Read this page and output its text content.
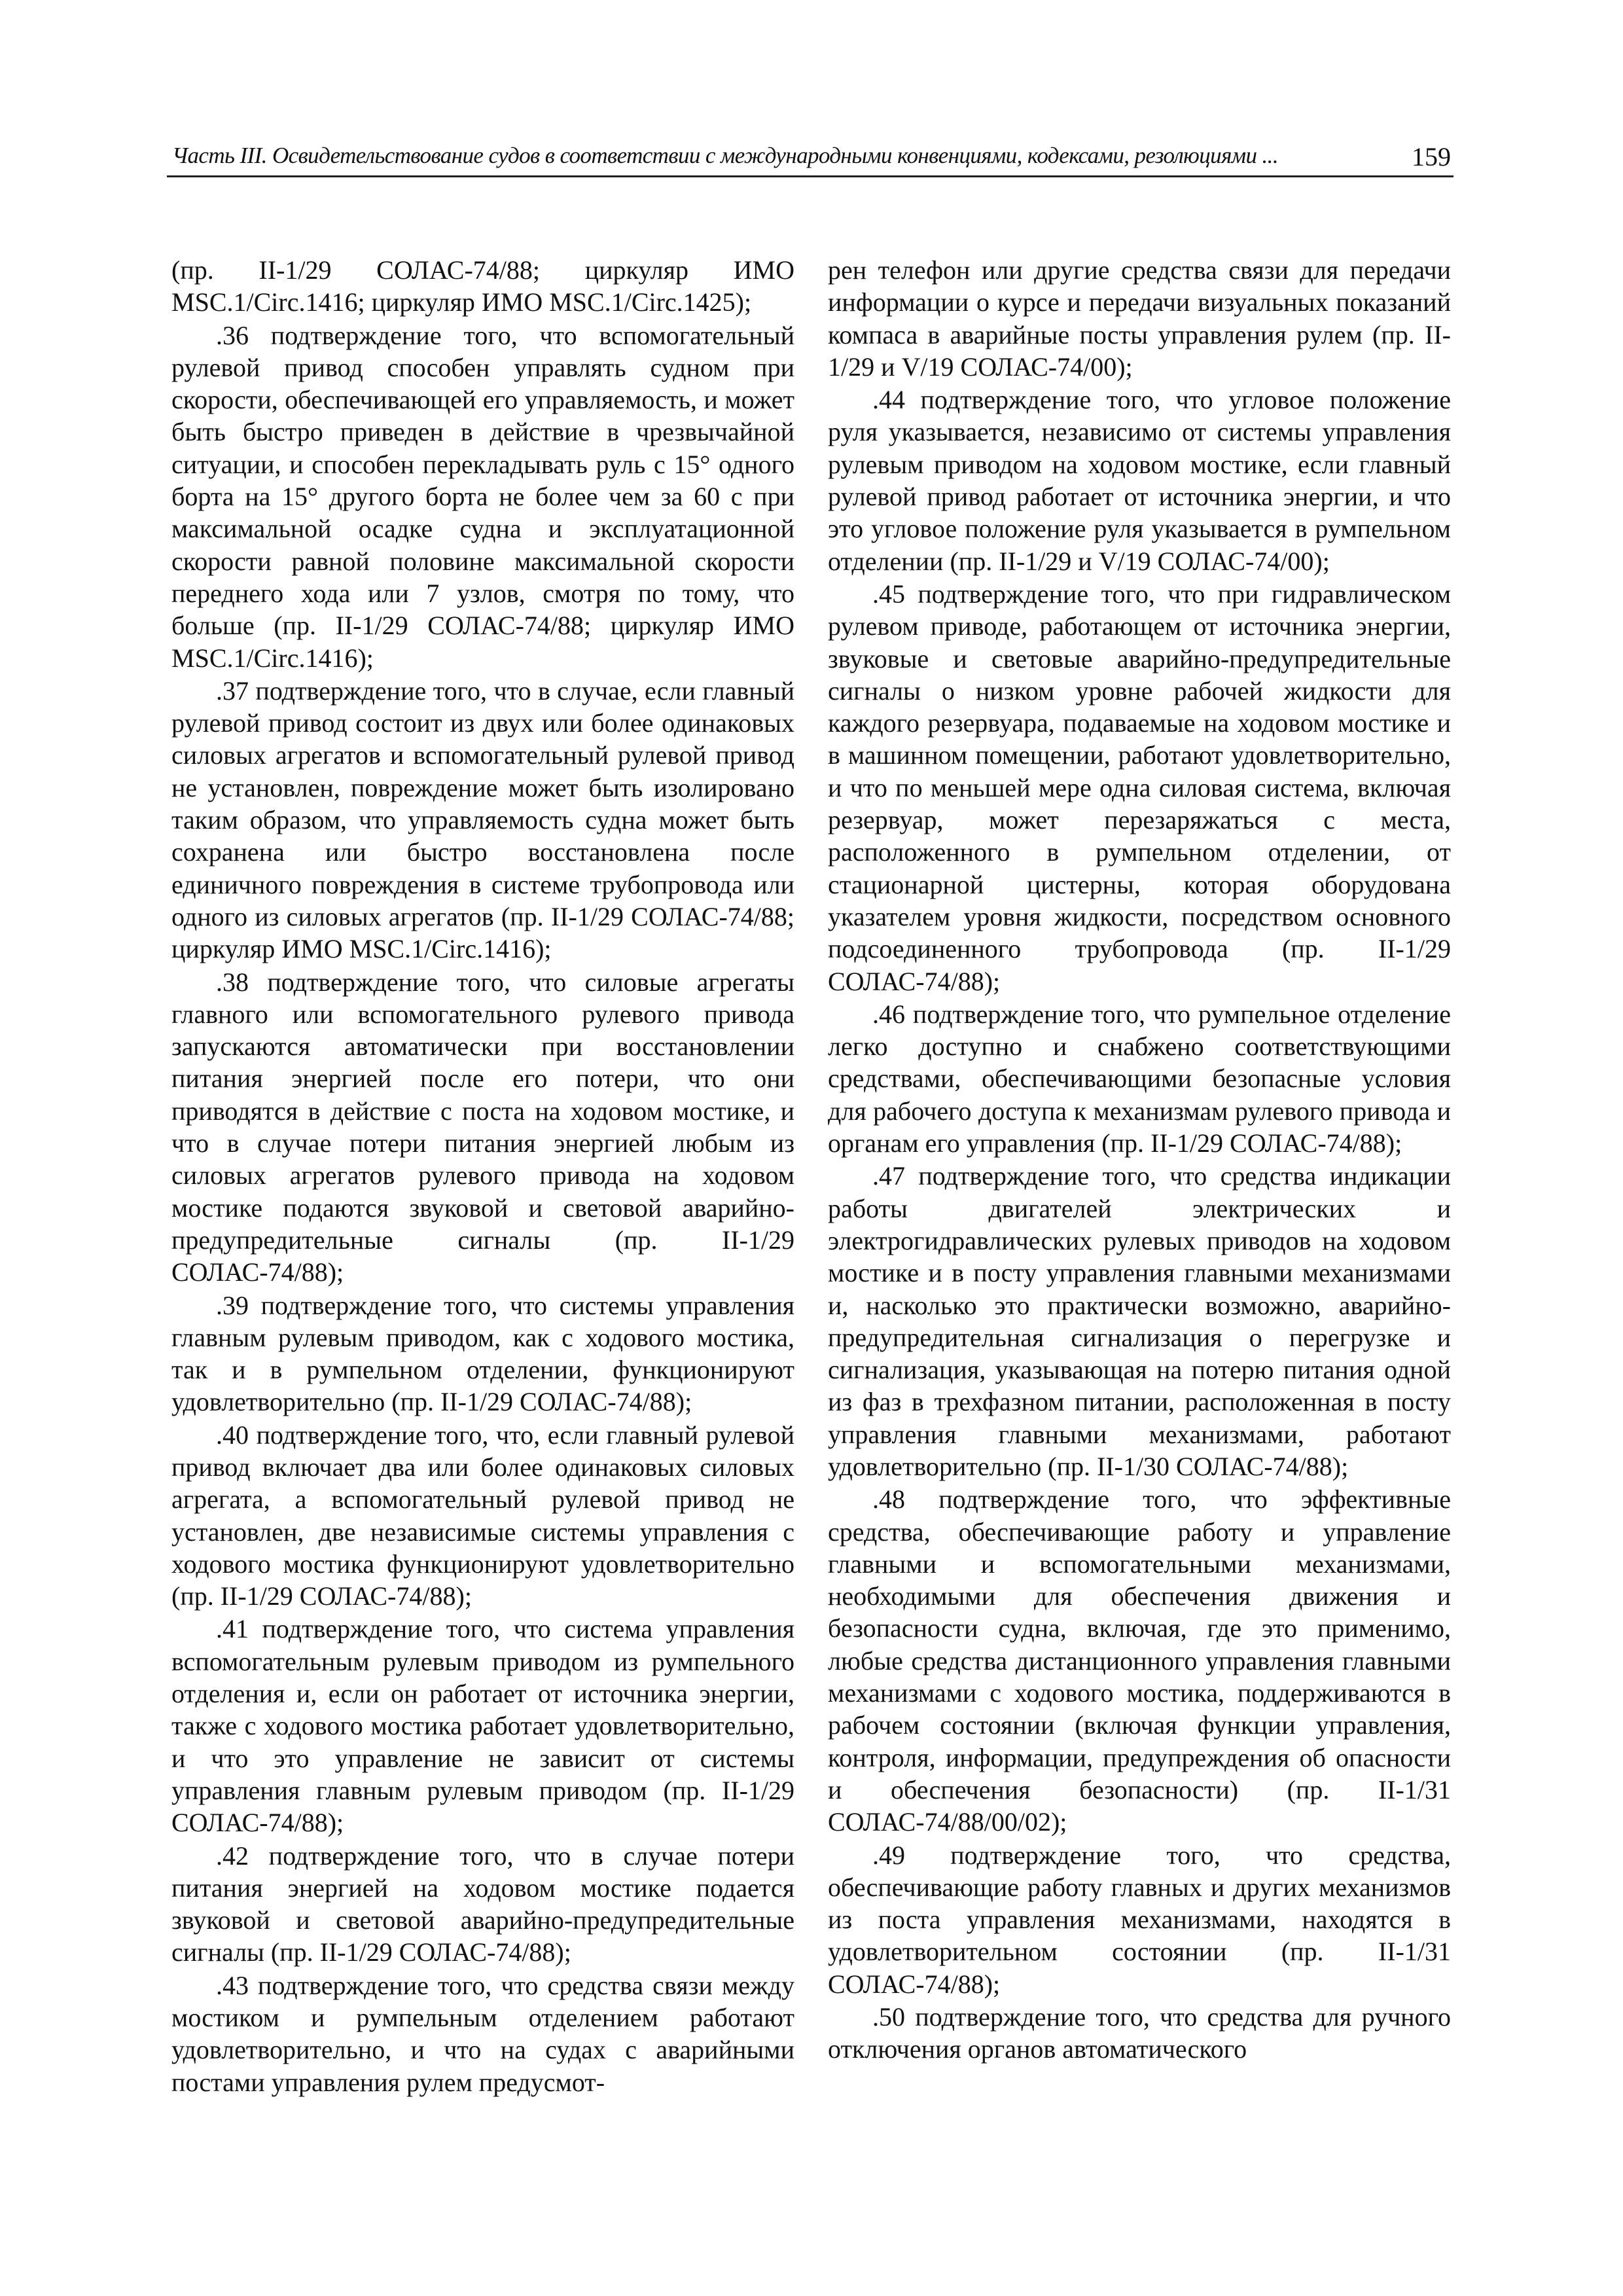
Часть III. Освидетельствование судов в соответствии с международными конвенциями, кодексами, резолюциями ...	159

(пр. II-1/29 СОЛАС-74/88; циркуляр ИМО MSC.1/Circ.1416; циркуляр ИМО MSC.1/Circ.1425);

.36 подтверждение того, что вспомогательный рулевой привод способен управлять судном при скорости, обеспечивающей его управляемость, и может быть быстро приведен в действие в чрезвычайной ситуации, и способен перекладывать руль с 15° одного борта на 15° другого борта не более чем за 60 с при максимальной осадке судна и эксплуатационной скорости равной половине максимальной скорости переднего хода или 7 узлов, смотря по тому, что больше (пр. II-1/29 СОЛАС-74/88; циркуляр ИМО MSC.1/Circ.1416);

.37 подтверждение того, что в случае, если главный рулевой привод состоит из двух или более одинаковых силовых агрегатов и вспомогательный рулевой привод не установлен, повреждение может быть изолировано таким образом, что управляемость судна может быть сохранена или быстро восстановлена после единичного повреждения в системе трубопровода или одного из силовых агрегатов (пр. II-1/29 СОЛАС-74/88; циркуляр ИМО MSC.1/Circ.1416);

.38 подтверждение того, что силовые агрегаты главного или вспомогательного рулевого привода запускаются автоматически при восстановлении питания энергией после его потери, что они приводятся в действие с поста на ходовом мостике, и что в случае потери питания энергией любым из силовых агрегатов рулевого привода на ходовом мостике подаются звуковой и световой аварийно-предупредительные сигналы (пр. II-1/29 СОЛАС-74/88);

.39 подтверждение того, что системы управления главным рулевым приводом, как с ходового мостика, так и в румпельном отделении, функционируют удовлетворительно (пр. II-1/29 СОЛАС-74/88);

.40 подтверждение того, что, если главный рулевой привод включает два или более одинаковых силовых агрегата, а вспомогательный рулевой привод не установлен, две независимые системы управления с ходового мостика функционируют удовлетворительно (пр. II-1/29 СОЛАС-74/88);

.41 подтверждение того, что система управления вспомогательным рулевым приводом из румпельного отделения и, если он работает от источника энергии, также с ходового мостика работает удовлетворительно, и что это управление не зависит от системы управления главным рулевым приводом (пр. II-1/29 СОЛАС-74/88);

.42 подтверждение того, что в случае потери питания энергией на ходовом мостике подается звуковой и световой аварийно-предупредительные сигналы (пр. II-1/29 СОЛАС-74/88);

.43 подтверждение того, что средства связи между мостиком и румпельным отделением работают удовлетворительно, и что на судах с аварийными постами управления рулем предусмот-

рен телефон или другие средства связи для передачи информации о курсе и передачи визуальных показаний компаса в аварийные посты управления рулем (пр. II-1/29 и V/19 СОЛАС-74/00);

.44 подтверждение того, что угловое положение руля указывается, независимо от системы управления рулевым приводом на ходовом мостике, если главный рулевой привод работает от источника энергии, и что это угловое положение руля указывается в румпельном отделении (пр. II-1/29 и V/19 СОЛАС-74/00);

.45 подтверждение того, что при гидравлическом рулевом приводе, работающем от источника энергии, звуковые и световые аварийно-предупредительные сигналы о низком уровне рабочей жидкости для каждого резервуара, подаваемые на ходовом мостике и в машинном помещении, работают удовлетворительно, и что по меньшей мере одна силовая система, включая резервуар, может перезаряжаться с места, расположенного в румпельном отделении, от стационарной цистерны, которая оборудована указателем уровня жидкости, посредством основного подсоединенного трубопровода (пр. II-1/29 СОЛАС-74/88);

.46 подтверждение того, что румпельное отделение легко доступно и снабжено соответствующими средствами, обеспечивающими безопасные условия для рабочего доступа к механизмам рулевого привода и органам его управления (пр. II-1/29 СОЛАС-74/88);

.47 подтверждение того, что средства индикации работы двигателей электрических и электрогидравлических рулевых приводов на ходовом мостике и в посту управления главными механизмами и, насколько это практически возможно, аварийно-предупредительная сигнализация о перегрузке и сигнализация, указывающая на потерю питания одной из фаз в трехфазном питании, расположенная в посту управления главными механизмами, работают удовлетворительно (пр. II-1/30 СОЛАС-74/88);

.48 подтверждение того, что эффективные средства, обеспечивающие работу и управление главными и вспомогательными механизмами, необходимыми для обеспечения движения и безопасности судна, включая, где это применимо, любые средства дистанционного управления главными механизмами с ходового мостика, поддерживаются в рабочем состоянии (включая функции управления, контроля, информации, предупреждения об опасности и обеспечения безопасности) (пр. II-1/31 СОЛАС-74/88/00/02);

.49 подтверждение того, что средства, обеспечивающие работу главных и других механизмов из поста управления механизмами, находятся в удовлетворительном состоянии (пр. II-1/31 СОЛАС-74/88);

.50 подтверждение того, что средства для ручного отключения органов автоматического
